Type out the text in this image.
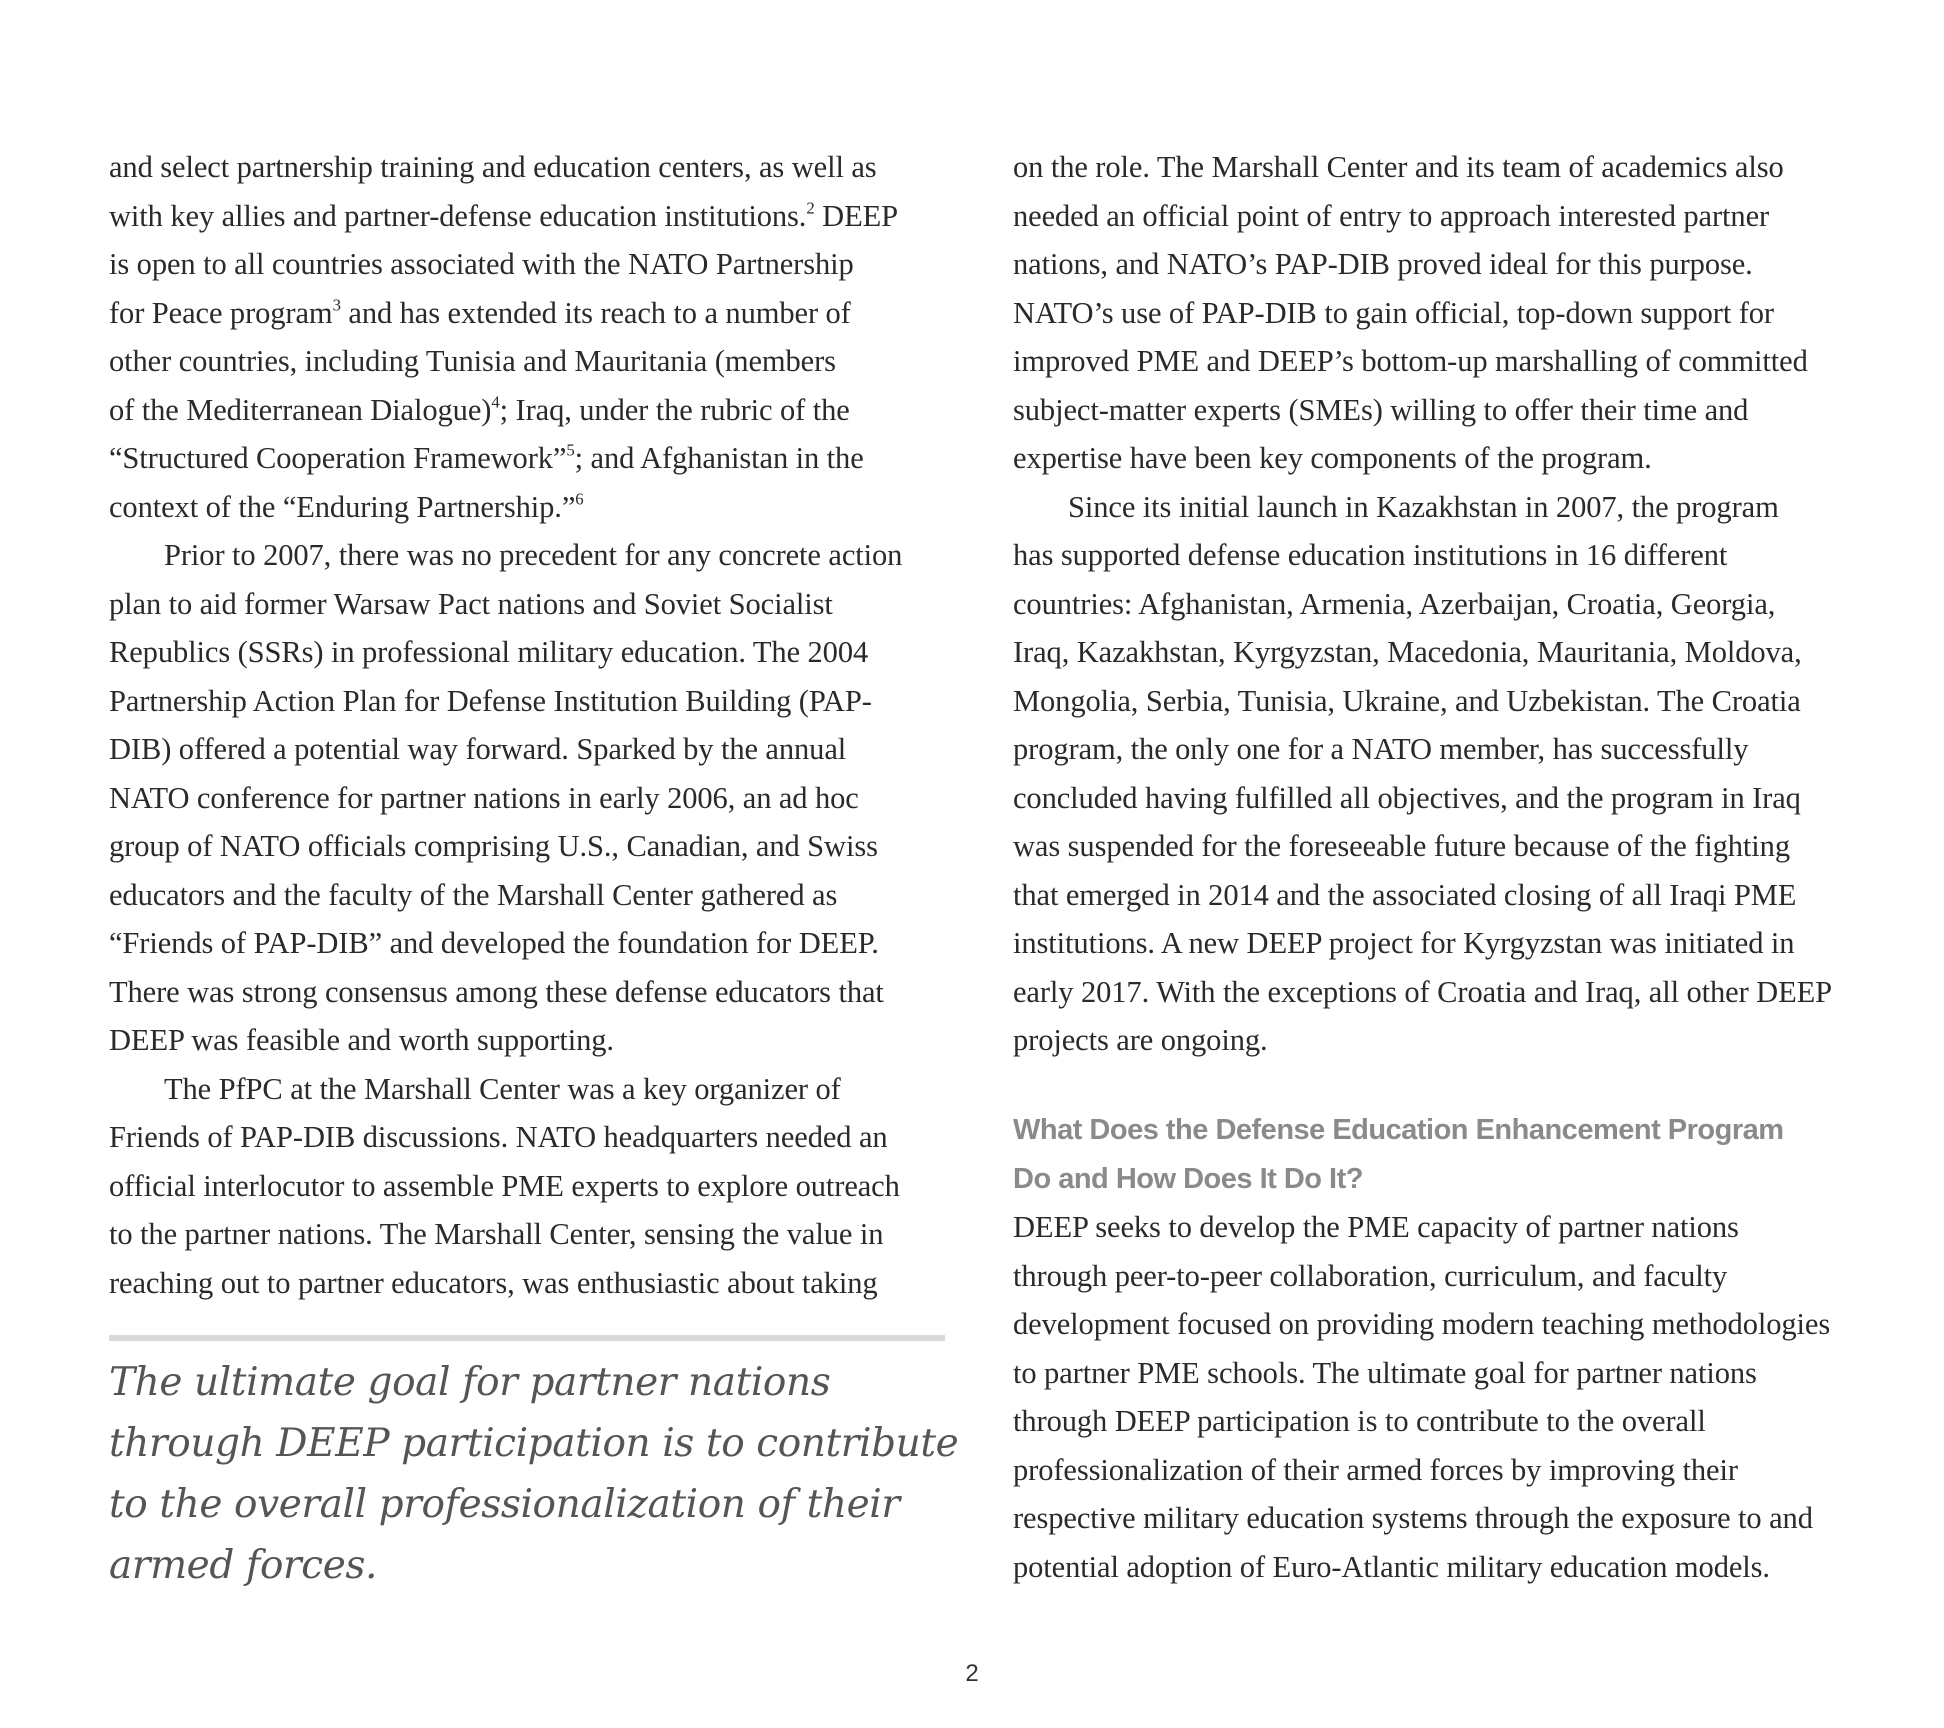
and select partnership training and education centers, as well as
with key allies and partner-defense education institutions.$^2$ DEEP
is open to all countries associated with the NATO Partnership
for Peace program$^3$ and has extended its reach to a number of
other countries, including Tunisia and Mauritania (members
of the Mediterranean Dialogue)$^4$; Iraq, under the rubric of the
“Structured Cooperation Framework”$^5$; and Afghanistan in the
context of the “Enduring Partnership.”$^6$
Prior to 2007, there was no precedent for any concrete action
plan to aid former Warsaw Pact nations and Soviet Socialist
Republics (SSRs) in professional military education. The 2004
Partnership Action Plan for Defense Institution Building (PAP-
DIB) offered a potential way forward. Sparked by the annual
NATO conference for partner nations in early 2006, an ad hoc
group of NATO officials comprising U.S., Canadian, and Swiss
educators and the faculty of the Marshall Center gathered as
“Friends of PAP-DIB” and developed the foundation for DEEP.
There was strong consensus among these defense educators that
DEEP was feasible and worth supporting.
The PfPC at the Marshall Center was a key organizer of
Friends of PAP-DIB discussions. NATO headquarters needed an
official interlocutor to assemble PME experts to explore outreach
to the partner nations. The Marshall Center, sensing the value in
reaching out to partner educators, was enthusiastic about taking
The ultimate goal for partner nations
through DEEP participation is to contribute
to the overall professionalization of their
armed forces.
on the role. The Marshall Center and its team of academics also
needed an official point of entry to approach interested partner
nations, and NATO’s PAP-DIB proved ideal for this purpose.
NATO’s use of PAP-DIB to gain official, top-down support for
improved PME and DEEP’s bottom-up marshalling of committed
subject-matter experts (SMEs) willing to offer their time and
expertise have been key components of the program.
Since its initial launch in Kazakhstan in 2007, the program
has supported defense education institutions in 16 different
countries: Afghanistan, Armenia, Azerbaijan, Croatia, Georgia,
Iraq, Kazakhstan, Kyrgyzstan, Macedonia, Mauritania, Moldova,
Mongolia, Serbia, Tunisia, Ukraine, and Uzbekistan. The Croatia
program, the only one for a NATO member, has successfully
concluded having fulfilled all objectives, and the program in Iraq
was suspended for the foreseeable future because of the fighting
that emerged in 2014 and the associated closing of all Iraqi PME
institutions. A new DEEP project for Kyrgyzstan was initiated in
early 2017. With the exceptions of Croatia and Iraq, all other DEEP
projects are ongoing.
What Does the Defense Education Enhancement Program
Do and How Does It Do It?
DEEP seeks to develop the PME capacity of partner nations
through peer-to-peer collaboration, curriculum, and faculty
development focused on providing modern teaching methodologies
to partner PME schools. The ultimate goal for partner nations
through DEEP participation is to contribute to the overall
professionalization of their armed forces by improving their
respective military education systems through the exposure to and
potential adoption of Euro-Atlantic military education models.
2
